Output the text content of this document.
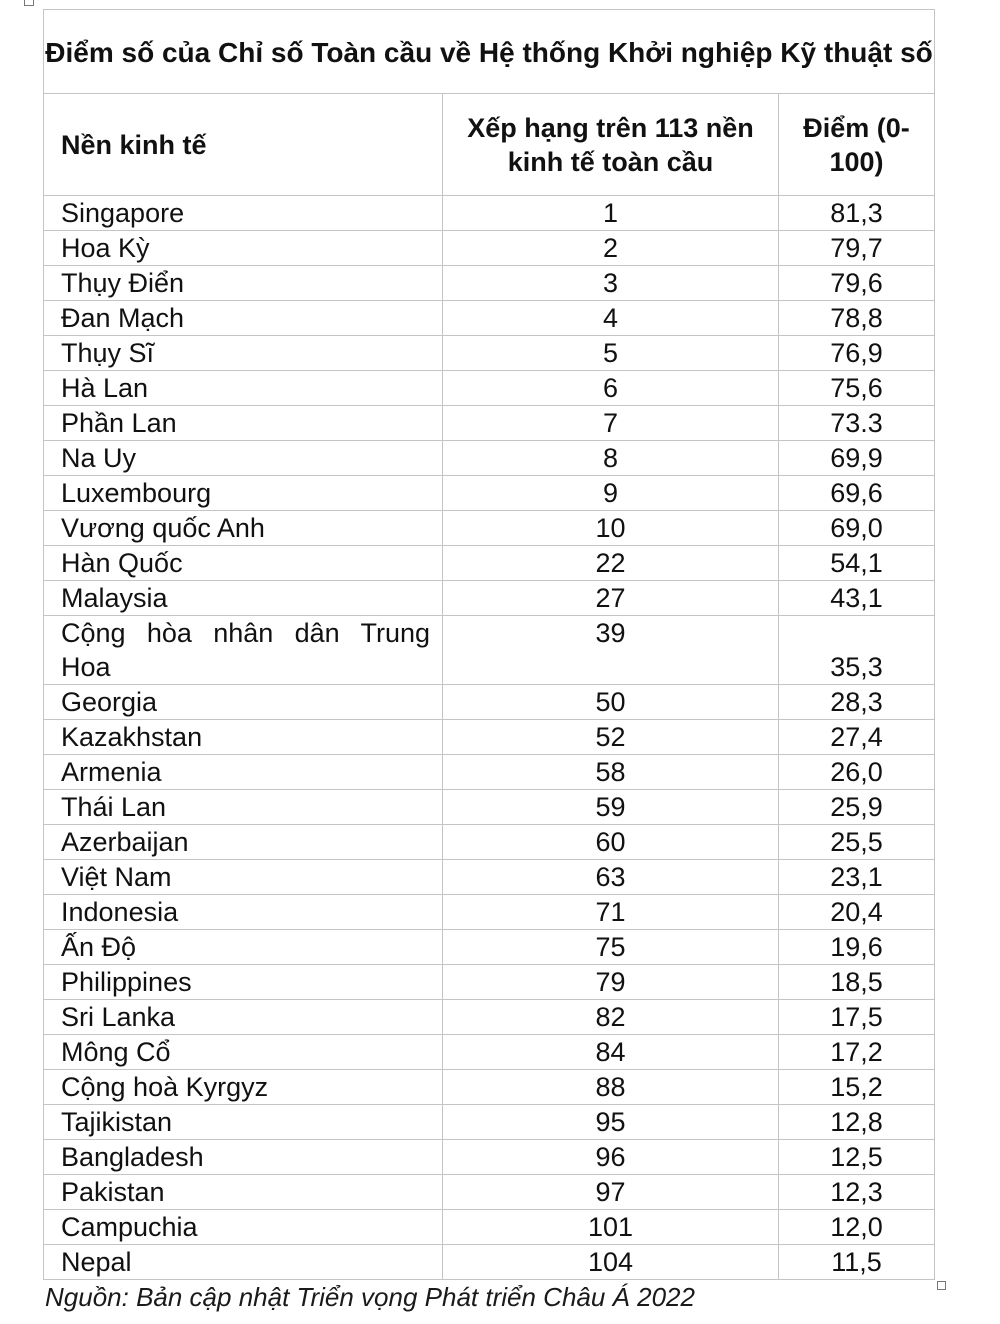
Điểm số của Chỉ số Toàn cầu về Hệ thống Khởi nghiệp Kỹ thuật số		
Nền kinh tế	Xếp hạng trên 113 nền kinh tế toàn cầu	Điểm (0-100)
Singapore	1	81,3
Hoa Kỳ	2	79,7
Thụy Điển	3	79,6
Đan Mạch	4	78,8
Thụy Sĩ	5	76,9
Hà Lan	6	75,6
Phần Lan	7	73.3
Na Uy	8	69,9
Luxembourg	9	69,6
Vương quốc Anh	10	69,0
Hàn Quốc	22	54,1
Malaysia	27	43,1
Cộng hòa nhân dân Trung Hoa	39	35,3
Georgia	50	28,3
Kazakhstan	52	27,4
Armenia	58	26,0
Thái Lan	59	25,9
Azerbaijan	60	25,5
Việt Nam	63	23,1
Indonesia	71	20,4
Ấn Độ	75	19,6
Philippines	79	18,5
Sri Lanka	82	17,5
Mông Cổ	84	17,2
Cộng hoà Kyrgyz	88	15,2
Tajikistan	95	12,8
Bangladesh	96	12,5
Pakistan	97	12,3
Campuchia	101	12,0
Nepal	104	11,5
Nguồn: Bản cập nhật Triển vọng Phát triển Châu Á 2022
